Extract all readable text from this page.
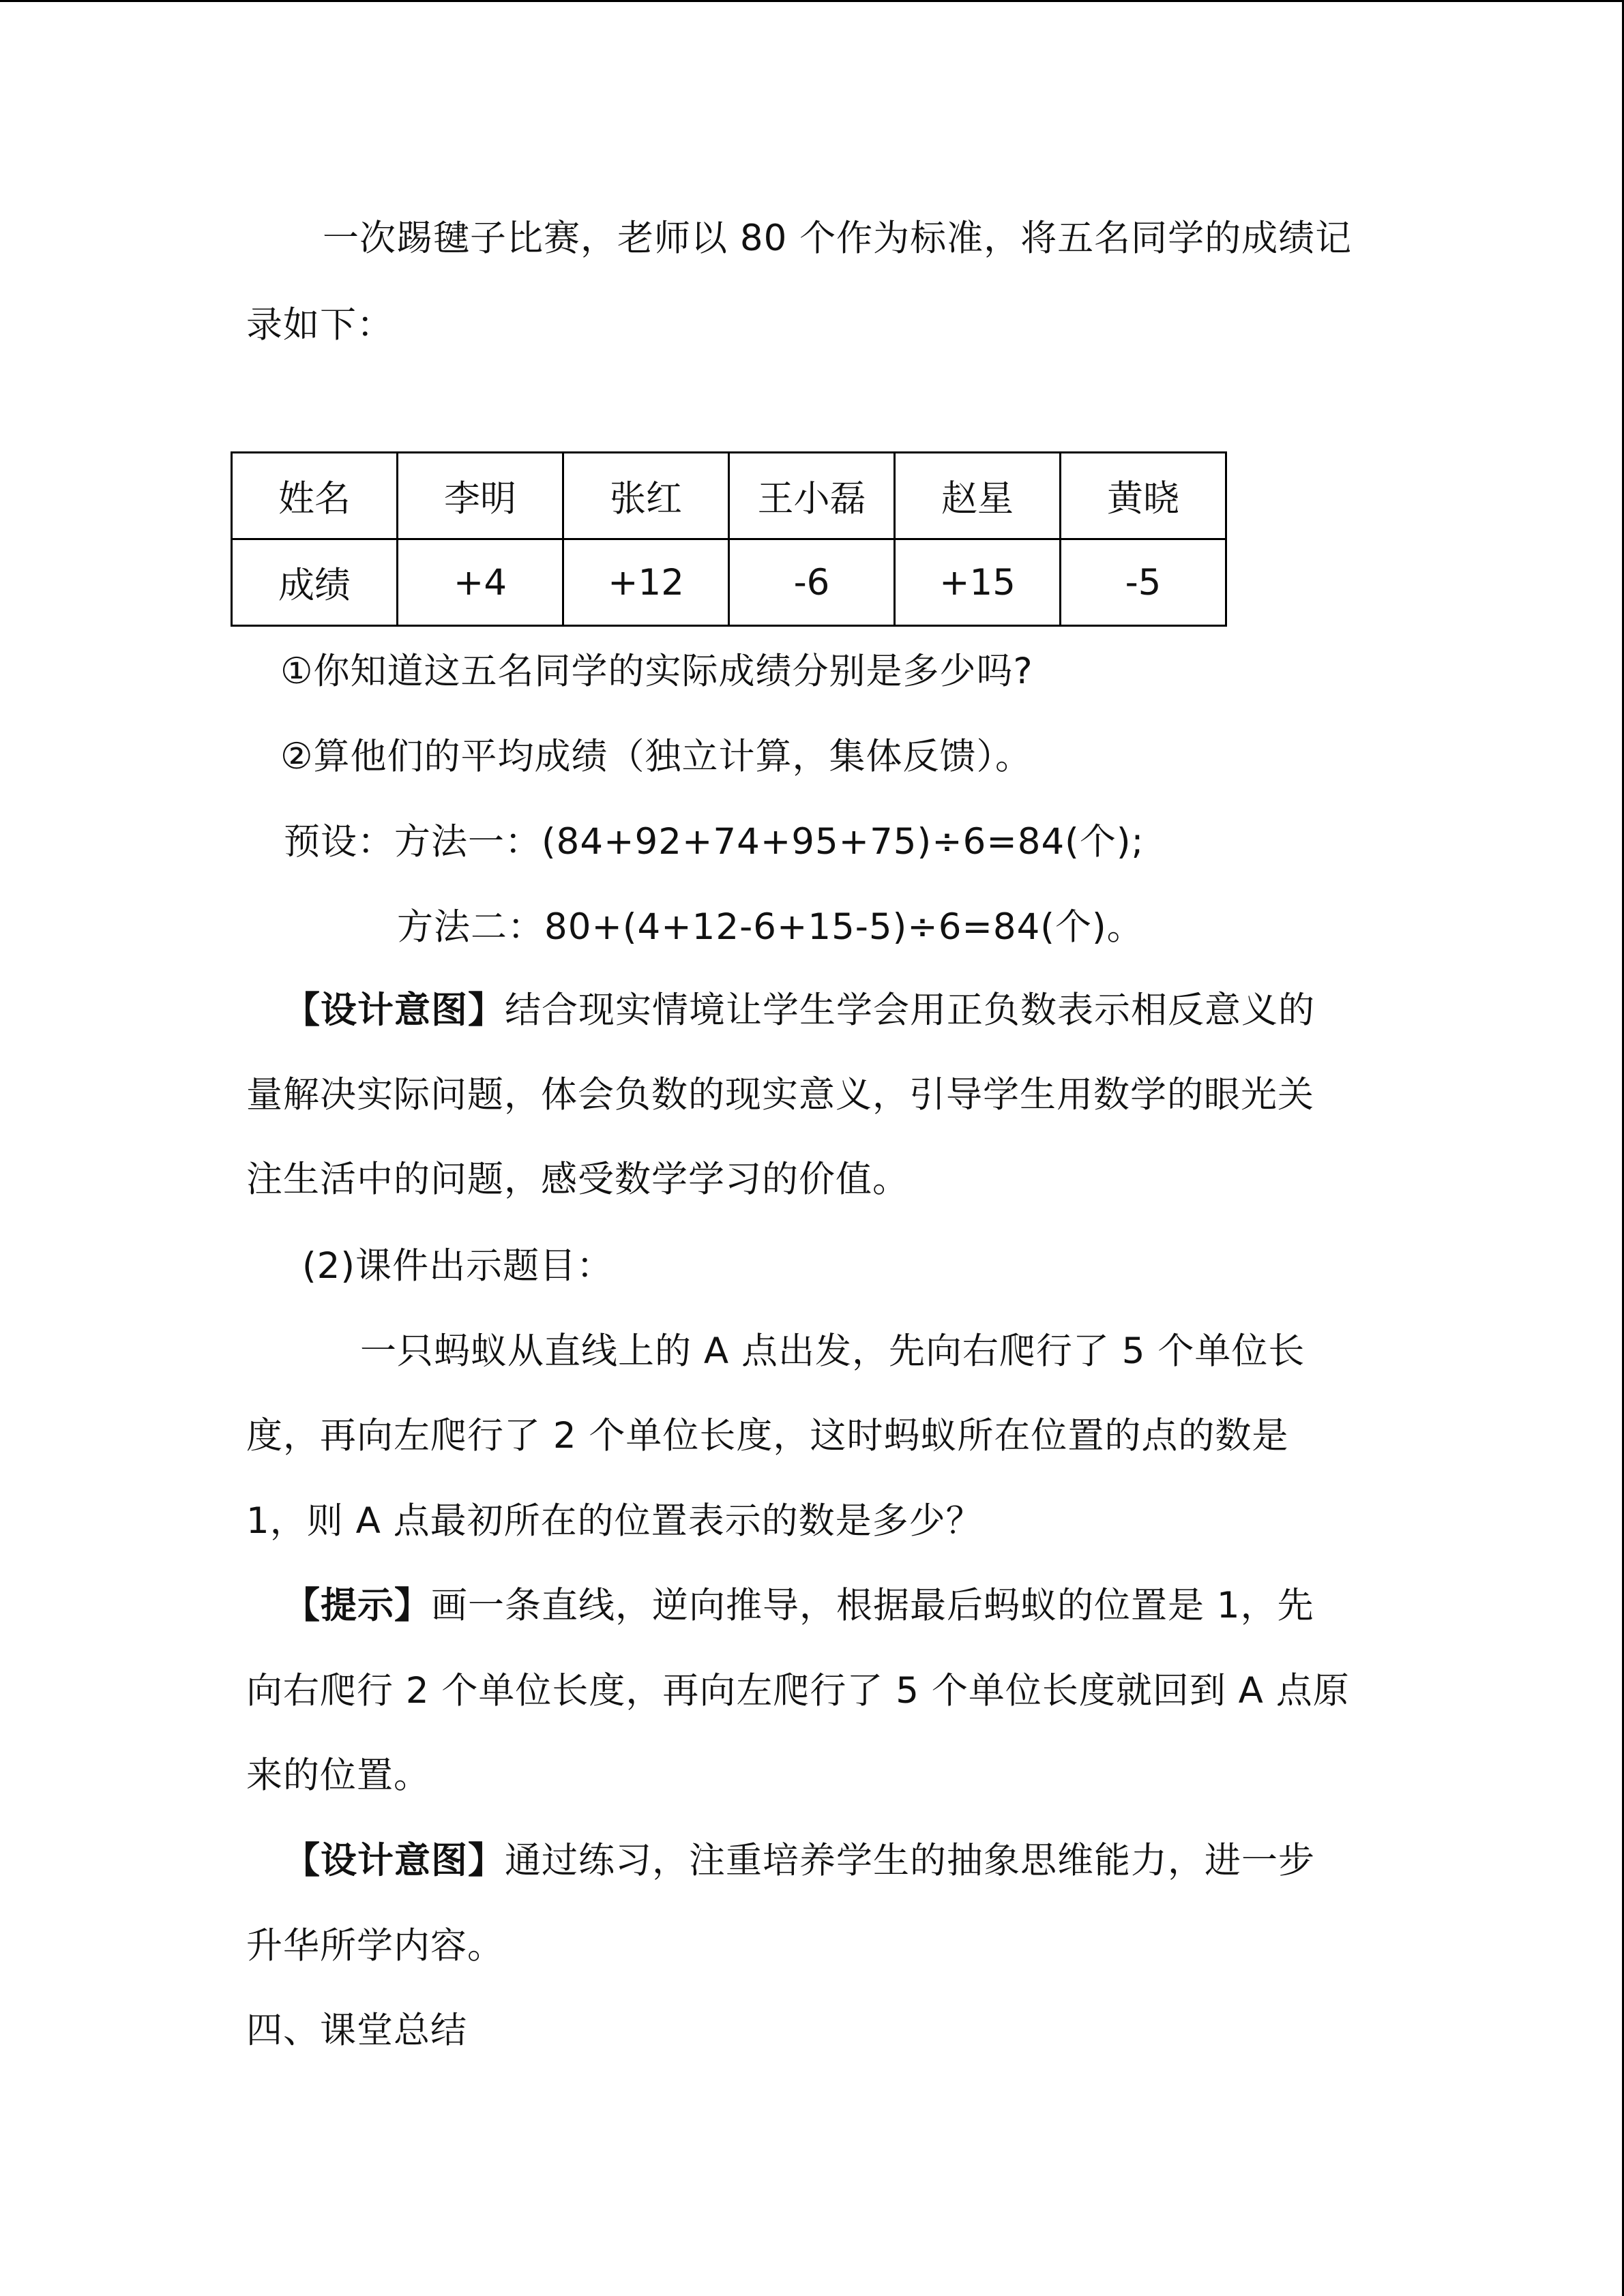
一次踢毽子比赛，老师以 80 个作为标准，将五名同学的成绩记
录如下：
姓名	李明	张红	王小磊	赵星	黄晓
成绩	+4	+12	-6	+15	-5
①你知道这五名同学的实际成绩分别是多少吗?
②算他们的平均成绩（独立计算，集体反馈）。
预设：方法一：(84+92+74+95+75)÷6=84(个);
方法二：80+(4+12-6+15-5)÷6=84(个)。
【设计意图】结合现实情境让学生学会用正负数表示相反意义的
量解决实际问题，体会负数的现实意义，引导学生用数学的眼光关
注生活中的问题，感受数学学习的价值。
(2)课件出示题目：
一只蚂蚁从直线上的 A 点出发，先向右爬行了 5 个单位长
度，再向左爬行了 2 个单位长度，这时蚂蚁所在位置的点的数是
1，则 A 点最初所在的位置表示的数是多少？
【提示】画一条直线，逆向推导，根据最后蚂蚁的位置是 1，先
向右爬行 2 个单位长度，再向左爬行了 5 个单位长度就回到 A 点原
来的位置。
【设计意图】通过练习，注重培养学生的抽象思维能力，进一步
升华所学内容。
四、课堂总结
